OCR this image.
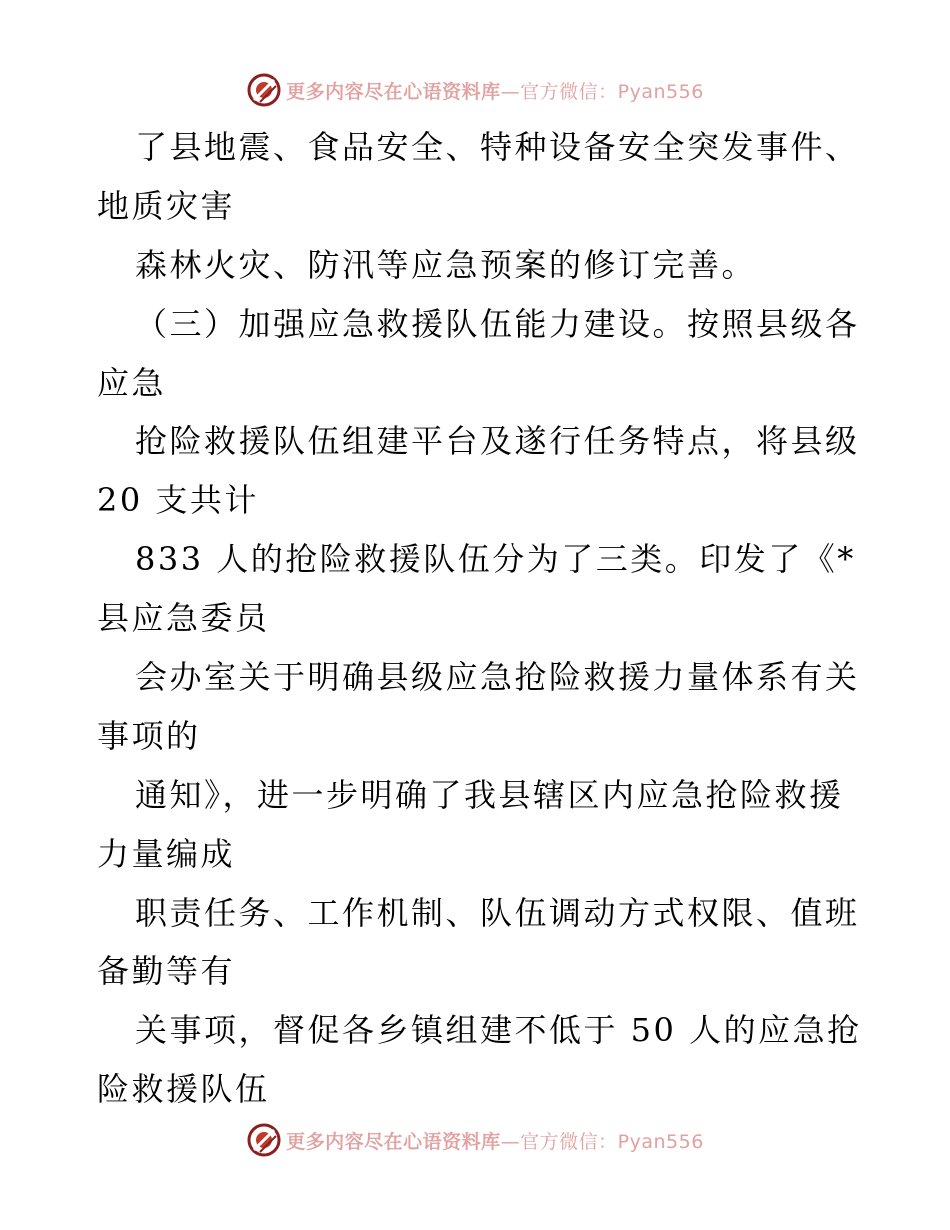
更多内容尽在心语资料库—官方微信：Pyan556
了县地震、食品安全、特种设备安全突发事件、
地质灾害
森林火灾、防汛等应急预案的修订完善。
（三）加强应急救援队伍能力建设。按照县级各
应急
抢险救援队伍组建平台及遂行任务特点，将县级
20 支共计
833 人的抢险救援队伍分为了三类。印发了《*
县应急委员
会办室关于明确县级应急抢险救援力量体系有关
事项的
通知》，进一步明确了我县辖区内应急抢险救援
力量编成
职责任务、工作机制、队伍调动方式权限、值班
备勤等有
关事项，督促各乡镇组建不低于 50 人的应急抢
险救援队伍
更多内容尽在心语资料库—官方微信：Pyan556
